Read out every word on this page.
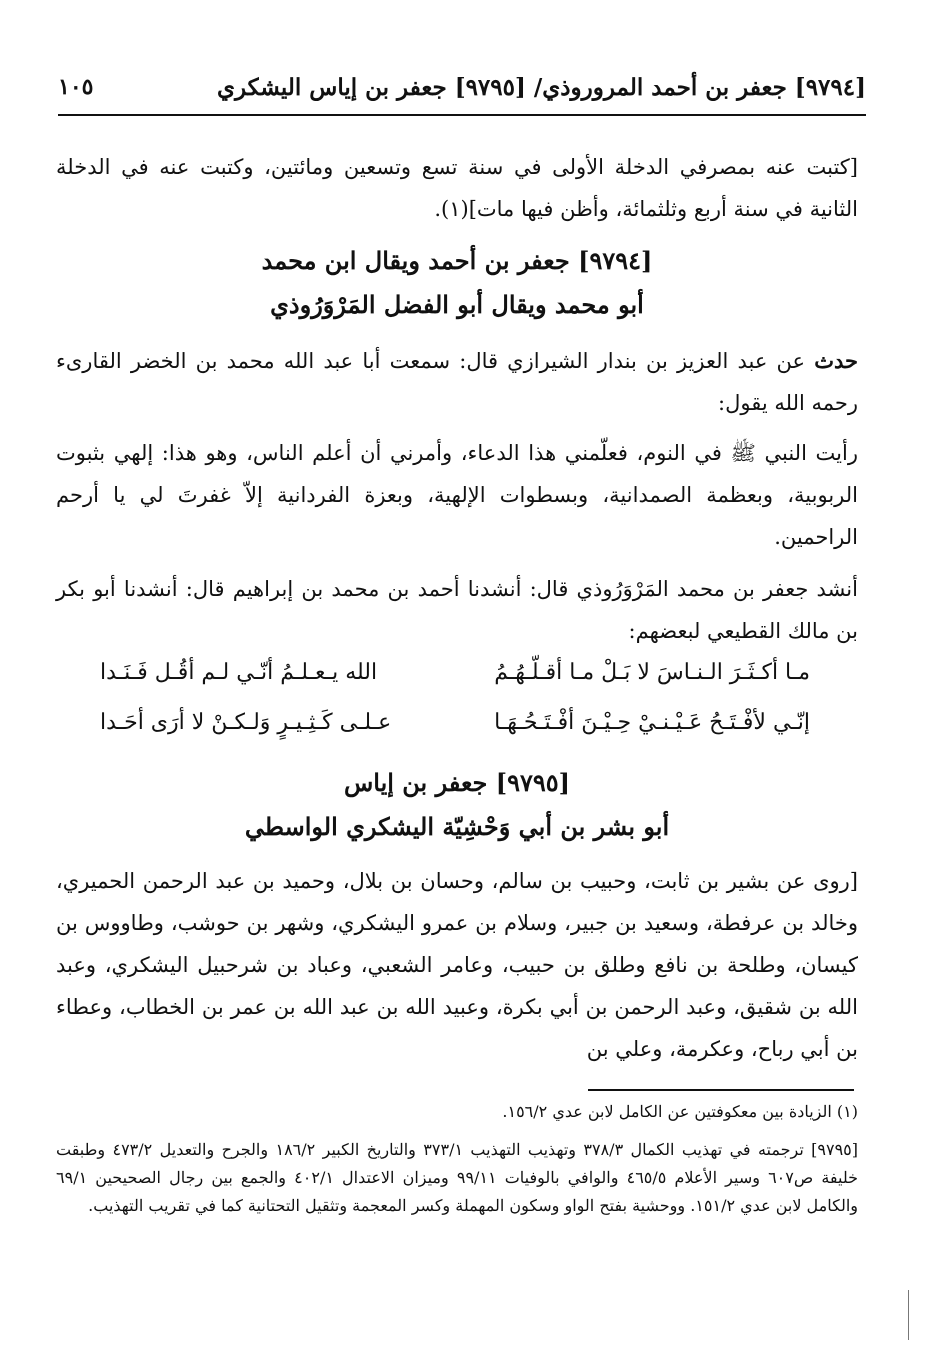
[٩٧٩٤] جعفر بن أحمد المروروذي/ [٩٧٩٥] جعفر بن إياس اليشكري
١٠٥
[كتبت عنه بمصرفي الدخلة الأولى في سنة تسع وتسعين ومائتين، وكتبت عنه في الدخلة الثانية في سنة أربع وثلثمائة، وأظن فيها مات](١).
[٩٧٩٤] جعفر بن أحمد ويقال ابن محمد
أبو محمد ويقال أبو الفضل المَرْوَرُوذي
حدث عن عبد العزيز بن بندار الشيرازي قال: سمعت أبا عبد الله محمد بن الخضر القارىء رحمه الله يقول:
رأيت النبي ﷺ في النوم، فعلّمني هذا الدعاء، وأمرني أن أعلم الناس، وهو هذا: إلهي بثبوت الربوبية، وبعظمة الصمدانية، وبسطوات الإلهية، وبعزة الفردانية إلاّ غفرتَ لي يا أرحم الراحمين.
أنشد جعفر بن محمد المَرْوَرُوذي قال: أنشدنا أحمد بن محمد بن إبراهيم قال: أنشدنا أبو بكر بن مالك القطيعي لبعضهم:
مـا أكـثَـرَ الـنـاسَ لا بَـلْ مـا أقـلّـهُـمُ
الله يـعـلـمُ أنّـي لـم أقُـل فَـنَـدا
إنّـي لأفْـتَـحُ عَـيْـنـيْ حِـيْـنَ أفْـتَـحُـهَـا
عـلـى كَـثِـيـرٍ وَلـكـنْ لا أرَى أحَـدا
[٩٧٩٥] جعفر بن إياس
أبو بشر بن أبي وَحْشِيّة اليشكري الواسطي
[روى عن بشير بن ثابت، وحبيب بن سالم، وحسان بن بلال، وحميد بن عبد الرحمن الحميري، وخالد بن عرفطة، وسعيد بن جبير، وسلام بن عمرو اليشكري، وشهر بن حوشب، وطاووس بن كيسان، وطلحة بن نافع وطلق بن حبيب، وعامر الشعبي، وعباد بن شرحبيل اليشكري، وعبد الله بن شقيق، وعبد الرحمن بن أبي بكرة، وعبيد الله بن عبد الله بن عمر بن الخطاب، وعطاء بن أبي رباح، وعكرمة، وعلي بن
(١) الزيادة بين معكوفتين عن الكامل لابن عدي ١٥٦/٢.
[٩٧٩٥] ترجمته في تهذيب الكمال ٣٧٨/٣ وتهذيب التهذيب ٣٧٣/١ والتاريخ الكبير ١٨٦/٢ والجرح والتعديل ٤٧٣/٢ وطبقت خليفة ص٦٠٧ وسير الأعلام ٤٦٥/٥ والوافي بالوفيات ٩٩/١١ وميزان الاعتدال ٤٠٢/١ والجمع بين رجال الصحيحين ٦٩/١ والكامل لابن عدي ١٥١/٢. ووحشية بفتح الواو وسكون المهملة وكسر المعجمة وتثقيل التحتانية كما في تقريب التهذيب.
